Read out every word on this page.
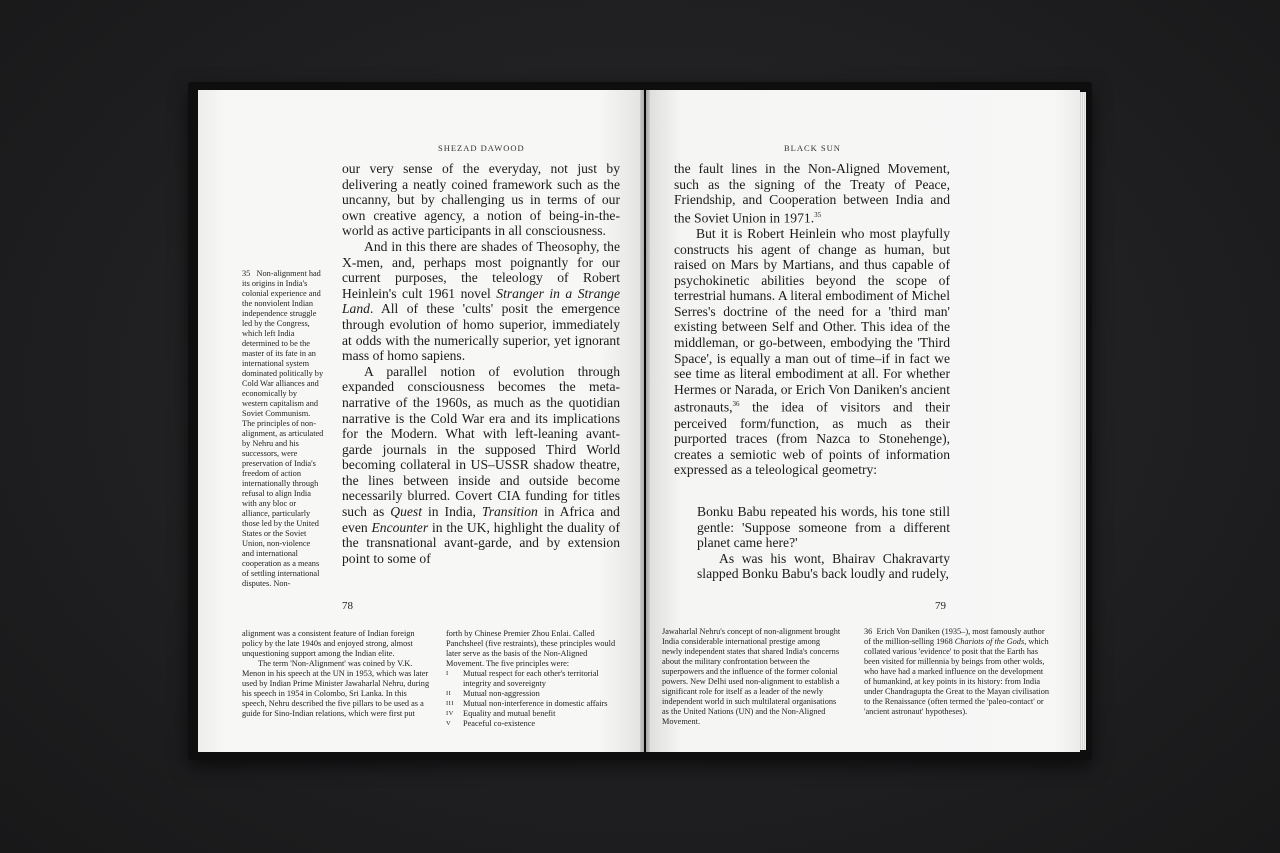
SHEZAD DAWOOD	BLACK SUN

our very sense of the everyday, not just by delivering a neatly coined framework such as the uncanny, but by challenging us in terms of our own creative agency, a notion of being-in-the-world as active participants in all consciousness.

And in this there are shades of Theosophy, the X-men, and, perhaps most poignantly for our current purposes, the teleology of Robert Heinlein's cult 1961 novel Stranger in a Strange Land. All of these 'cults' posit the emergence through evolution of homo superior, immediately at odds with the numerically superior, yet ignorant mass of homo sapiens.

A parallel notion of evolution through expanded consciousness becomes the meta-narrative of the 1960s, as much as the quotidian narrative is the Cold War era and its implications for the Modern. What with left-leaning avant-garde journals in the supposed Third World becoming collateral in US–USSR shadow theatre, the lines between inside and outside become necessarily blurred. Covert CIA funding for titles such as Quest in India, Transition in Africa and even Encounter in the UK, highlight the duality of the transnational avant-garde, and by extension point to some of

35 Non-alignment had its origins in India's colonial experience and the nonviolent Indian independence struggle led by the Congress, which left India determined to be the master of its fate in an international system dominated politically by Cold War alliances and economically by western capitalism and Soviet Communism. The principles of non-alignment, as articulated by Nehru and his successors, were preservation of India's freedom of action internationally through refusal to align India with any bloc or alliance, particularly those led by the United States or the Soviet Union, non-violence and international cooperation as a means of settling international disputes. Non-

78

alignment was a consistent feature of Indian foreign policy by the late 1940s and enjoyed strong, almost unquestioning support among the Indian elite.

The term 'Non-Alignment' was coined by V.K. Menon in his speech at the UN in 1953, which was later used by Indian Prime Minister Jawaharlal Nehru, during his speech in 1954 in Colombo, Sri Lanka. In this speech, Nehru described the five pillars to be used as a guide for Sino-Indian relations, which were first put

forth by Chinese Premier Zhou Enlai. Called Panchsheel (five restraints), these principles would later serve as the basis of the Non-Aligned Movement. The five principles were:

I Mutual respect for each other's territorial integrity and sovereignty
II Mutual non-aggression
III Mutual non-interference in domestic affairs
IV Equality and mutual benefit
V Peaceful co-existence

the fault lines in the Non-Aligned Movement, such as the signing of the Treaty of Peace, Friendship, and Cooperation between India and the Soviet Union in 1971.35

But it is Robert Heinlein who most playfully constructs his agent of change as human, but raised on Mars by Martians, and thus capable of psychokinetic abilities beyond the scope of terrestrial humans. A literal embodiment of Michel Serres's doctrine of the need for a 'third man' existing between Self and Other. This idea of the middleman, or go-between, embodying the 'Third Space', is equally a man out of time–if in fact we see time as literal embodiment at all. For whether Hermes or Narada, or Erich Von Daniken's ancient astronauts,$^{36}$ the idea of visitors and their perceived form/function, as much as their purported traces (from Nazca to Stonehenge), creates a semiotic web of points of information expressed as a teleological geometry:

Bonku Babu repeated his words, his tone still gentle: 'Suppose someone from a different planet came here?'

As was his wont, Bhairav Chakravarty slapped Bonku Babu's back loudly and rudely,

79

Jawaharlal Nehru's concept of non-alignment brought India considerable international prestige among newly independent states that shared India's concerns about the military confrontation between the superpowers and the influence of the former colonial powers. New Delhi used non-alignment to establish a significant role for itself as a leader of the newly independent world in such multilateral organisations as the United Nations (UN) and the Non-Aligned Movement.

36 Erich Von Daniken (1935–), most famously author of the million-selling 1968 Chariots of the Gods, which collated various 'evidence' to posit that the Earth has been visited for millennia by beings from other wolds, who have had a marked influence on the development of humankind, at key points in its history: from India under Chandragupta the Great to the Mayan civilisation to the Renaissance (often termed the 'paleo-contact' or 'ancient astronaut' hypotheses).
